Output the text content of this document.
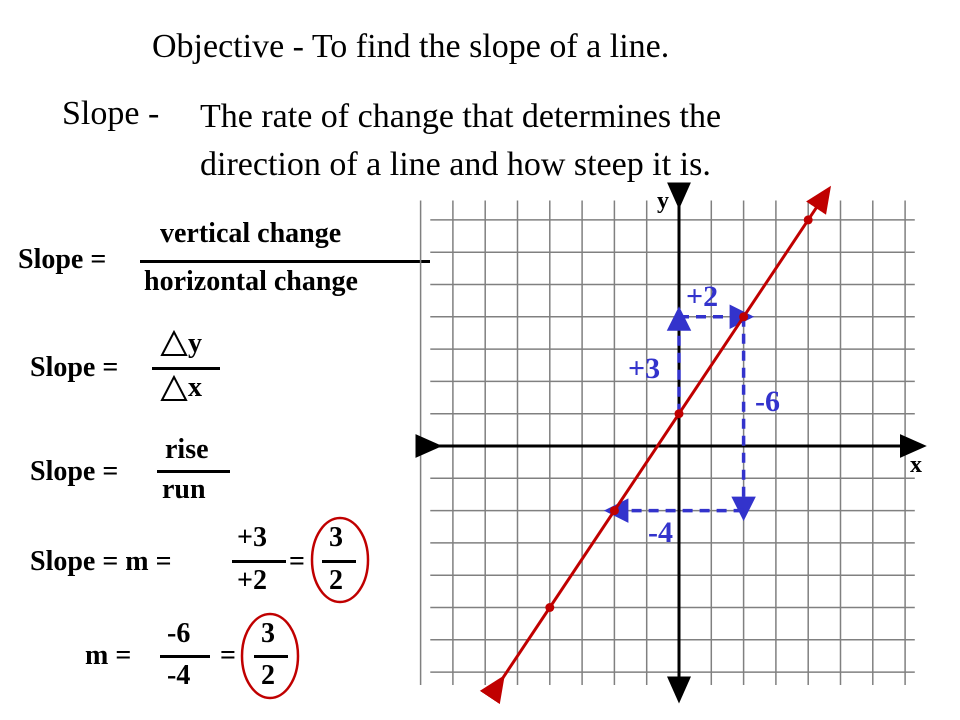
Objective - To find the slope of a line.
Slope - The rate of change that determines the
direction of a line and how steep it is.
Slope =
vertical change
horizontal change
Slope =
y
x
Slope =
rise
run
Slope = m =
+3
+2
=
3
2
m =
-6
-4
=
3
2
y
x
+2
+3
-6
-4
